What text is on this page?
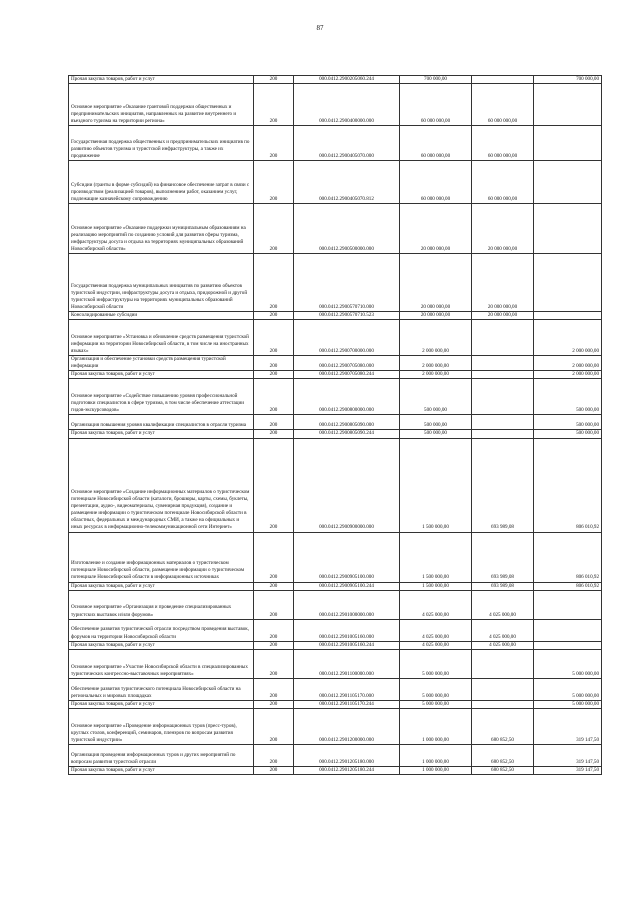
87
Прочая закупка товаров, работ и услуг	200	000.0412.2900205060.244	700 000,00		700 000,00
Основное мероприятие «Оказание грантовой поддержки общественных и предпринимательских инициатив, направленных на развитие внутреннего и въездного туризма на территории региона»	200	000.0412.2900400000.000	60 000 000,00	60 000 000,00	
Государственная поддержка общественных и предпринимательских инициатив по развитию объектов туризма и туристской инфраструктуры, а также их продвижение	200	000.0412.2900405070.000	60 000 000,00	60 000 000,00	
Субсидии (гранты в форме субсидий) на финансовое обеспечение затрат в связи с производством (реализацией товаров), выполнением работ, оказанием услуг, подлежащие казначейскому сопровождению	200	000.0412.2900405070.812	60 000 000,00	60 000 000,00	
Основное мероприятие «Оказание поддержки муниципальным образованиям на реализацию мероприятий по созданию условий для развития сферы туризма, инфраструктуры досуга и отдыха на территориях муниципальных образований Новосибирской области»	200	000.0412.2900500000.000	20 000 000,00	20 000 000,00	
Государственная поддержка муниципальных инициатив по развитию объектов туристской индустрии, инфраструктуры досуга и отдыха, придорожной и другой туристской инфраструктуры на территориях муниципальных образований Новосибирской области	200	000.0412.2900570710.000	20 000 000,00	20 000 000,00	
Консолидированные субсидии	200	000.0412.2900570710.523	20 000 000,00	20 000 000,00	
Основное мероприятие «Установка и обновление средств размещения туристской информации на территории Новосибирской области, в том числе на иностранных языках»	200	000.0412.2900700000.000	2 000 000,00		2 000 000,00
Организация и обеспечение установки средств размещения туристской информации	200	000.0412.2900705080.000	2 000 000,00		2 000 000,00
Прочая закупка товаров, работ и услуг	200	000.0412.2900705080.244	2 000 000,00		2 000 000,00
Основное мероприятие «Содействие повышению уровня профессиональной подготовки специалистов в сфере туризма, в том числе обеспечение аттестации гидов-экскурсоводов»	200	000.0412.2900800000.000	500 000,00		500 000,00
Организация повышения уровня квалификации специалистов в отрасли туризма	200	000.0412.2900805090.000	500 000,00		500 000,00
Прочая закупка товаров, работ и услуг	200	000.0412.2900805090.244	500 000,00		500 000,00
Основное мероприятие «Создание информационных материалов о туристическом потенциале Новосибирской области (каталоги, брошюры, карты, схемы, буклеты, презентации, аудио-, видеоматериалы, сувенирная продукция), создание и размещение информации о туристическом потенциале Новосибирской области в областных, федеральных и международных СМИ, а также на официальных и иных ресурсах в информационно-телекоммуникационной сети Интернет»	200	000.0412.2900900000.000	1 500 000,00	693 989,08	806 010,92
Изготовление и создание информационных материалов о туристическом потенциале Новосибирской области, размещение информации о туристическом потенциале Новосибирской области в информационных источниках	200	000.0412.2900905100.000	1 500 000,00	693 989,08	806 010,92
Прочая закупка товаров, работ и услуг	200	000.0412.2900905100.244	1 500 000,00	693 989,08	806 010,92
Основное мероприятие «Организация и проведение специализированных туристских выставок и/или форумов»	200	000.0412.2901000000.000	4 025 000,00	4 025 000,00	
Обеспечение развития туристической отрасли посредством проведения выставок, форумов на территории Новосибирской области	200	000.0412.2901005160.000	4 025 000,00	4 025 000,00	
Прочая закупка товаров, работ и услуг	200	000.0412.2901005160.244	4 025 000,00	4 025 000,00	
Основное мероприятие «Участие Новосибирской области в специализированных туристических конгрессно-выставочных мероприятиях»	200	000.0412.2901100000.000	5 000 000,00		5 000 000,00
Обеспечение развития туристического потенциала Новосибирской области на региональных и мировых площадках	200	000.0412.2901105170.000	5 000 000,00		5 000 000,00
Прочая закупка товаров, работ и услуг	200	000.0412.2901105170.244	5 000 000,00		5 000 000,00
Основное мероприятие «Проведение информационных туров (пресс-туров), круглых столов, конференций, семинаров, пленэров по вопросам развития туристской индустрии»	200	000.0412.2901200000.000	1 000 000,00	680 852,50	319 147,50
Организация проведения информационных туров и других мероприятий по вопросам развития туристской отрасли	200	000.0412.2901205180.000	1 000 000,00	680 852,50	319 147,50
Прочая закупка товаров, работ и услуг	200	000.0412.2901205180.244	1 000 000,00	680 852,50	319 147,50
